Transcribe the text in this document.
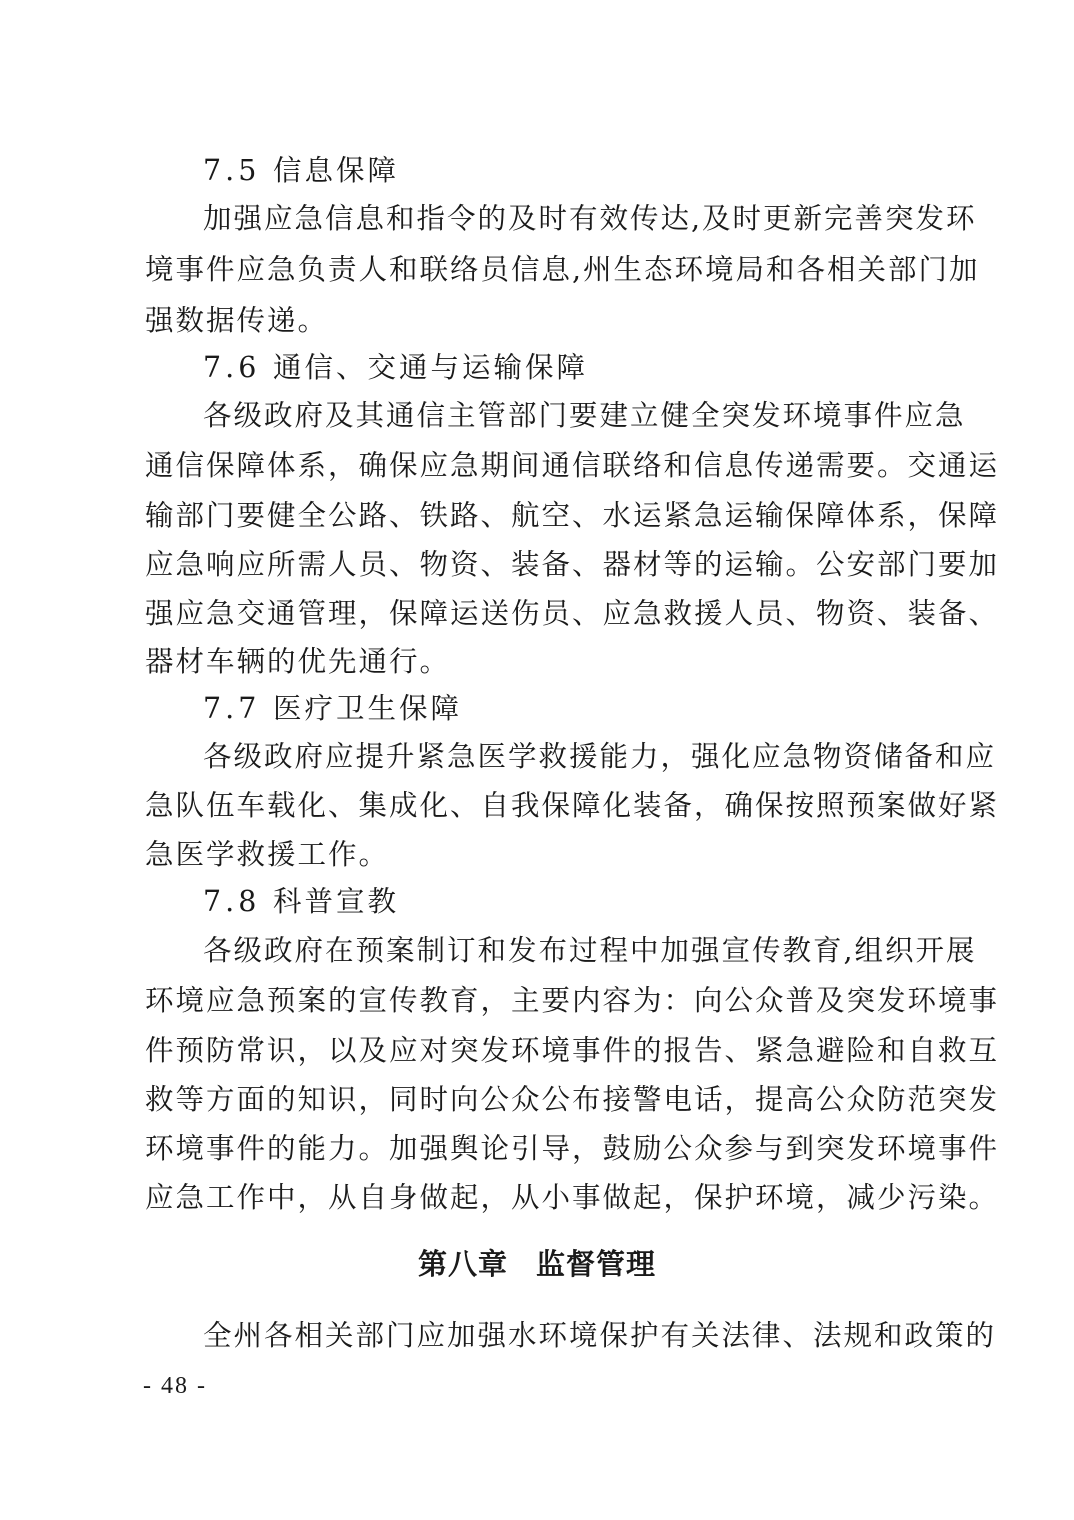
7.5 信息保障
加强应急信息和指令的及时有效传达,及时更新完善突发环
境事件应急负责人和联络员信息,州生态环境局和各相关部门加
强数据传递。
7.6 通信、交通与运输保障
各级政府及其通信主管部门要建立健全突发环境事件应急
通信保障体系，确保应急期间通信联络和信息传递需要。交通运
输部门要健全公路、铁路、航空、水运紧急运输保障体系，保障
应急响应所需人员、物资、装备、器材等的运输。公安部门要加
强应急交通管理，保障运送伤员、应急救援人员、物资、装备、
器材车辆的优先通行。
7.7 医疗卫生保障
各级政府应提升紧急医学救援能力，强化应急物资储备和应
急队伍车载化、集成化、自我保障化装备，确保按照预案做好紧
急医学救援工作。
7.8 科普宣教
各级政府在预案制订和发布过程中加强宣传教育,组织开展
环境应急预案的宣传教育，主要内容为：向公众普及突发环境事
件预防常识，以及应对突发环境事件的报告、紧急避险和自救互
救等方面的知识，同时向公众公布接警电话，提高公众防范突发
环境事件的能力。加强舆论引导，鼓励公众参与到突发环境事件
应急工作中，从自身做起，从小事做起，保护环境，减少污染。
第八章 监督管理
全州各相关部门应加强水环境保护有关法律、法规和政策的
- 48 -
